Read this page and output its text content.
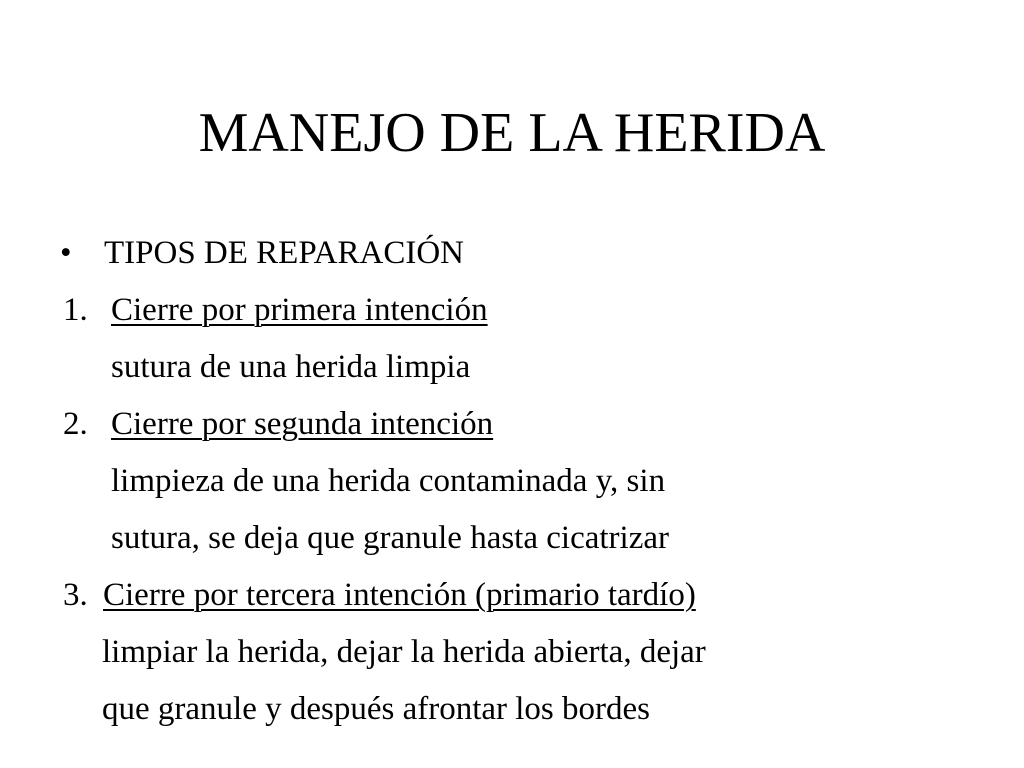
MANEJO DE LA HERIDA
• TIPOS DE REPARACIÓN
1. Cierre por primera intención
sutura de una herida limpia
2. Cierre por segunda intención
limpieza de una herida contaminada y, sin
sutura, se deja que granule hasta cicatrizar
3. Cierre por tercera intención (primario tardío)
limpiar la herida, dejar la herida abierta, dejar
que granule y después afrontar los bordes
